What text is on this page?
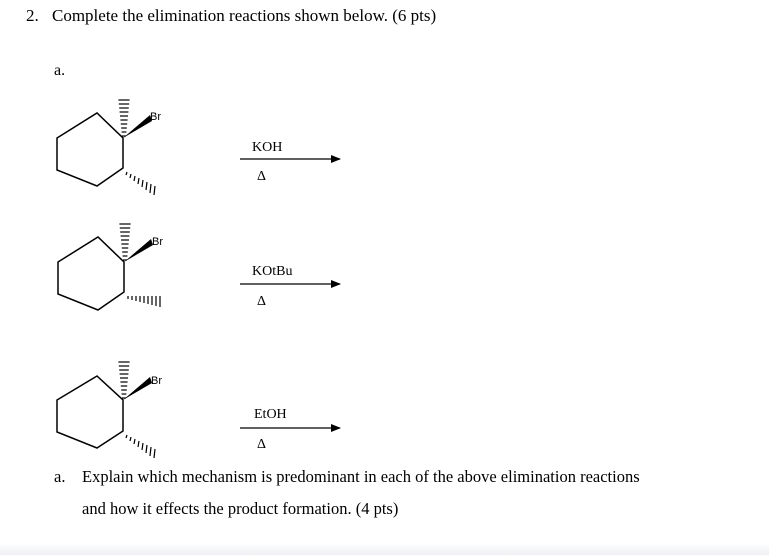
2. Complete the elimination reactions shown below. (6 pts)
a.
Br
KOH
Δ
Br
KOtBu
Δ
Br
EtOH
Δ
a. Explain which mechanism is predominant in each of the above elimination reactions
and how it effects the product formation. (4 pts)
